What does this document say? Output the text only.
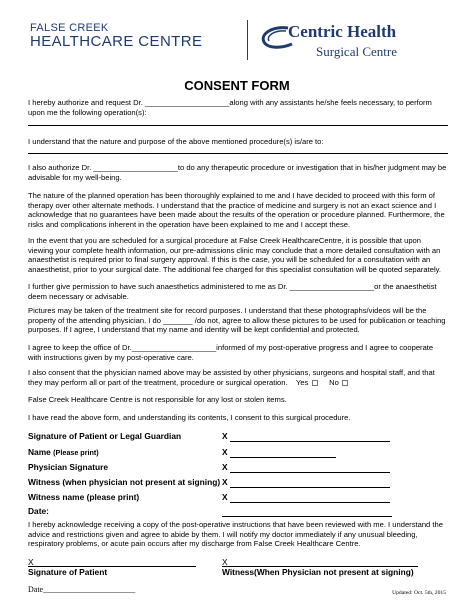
FALSE CREEK
HEALTHCARE CENTRE
Centric Health
Surgical Centre
CONSENT FORM

I hereby authorize and request Dr. ____________________along with any assistants he/she feels necessary, to perform upon me the following operation(s):

I understand that the nature and purpose of the above mentioned procedure(s) is/are to:

I also authorize Dr. ____________________to do any therapeutic procedure or investigation that in his/her judgment may be advisable for my well-being.

The nature of the planned operation has been thoroughly explained to me and I have decided to proceed with this form of therapy over other alternate methods. I understand that the practice of medicine and surgery is not an exact science and I acknowledge that no guarantees have been made about the results of the operation or procedure planned. Furthermore, the risks and complications inherent in the operation have been explained to me and I accept these.

In the event that you are scheduled for a surgical procedure at False Creek HealthcareCentre, it is possible that upon viewing your complete health information, our pre-admissions clinic may conclude that a more detailed consultation with an anaesthetist is required prior to final surgery approval. If this is the case, you will be scheduled for a consultation with an anaesthetist, prior to your surgical date. The additional fee charged for this specialist consultation will be quoted separately.

I further give permission to have such anaesthetics administered to me as Dr. ____________________or the anaesthetist deem necessary or advisable.

Pictures may be taken of the treatment site for record purposes. I understand that these photographs/videos will be the property of the attending physician. I do _______ /do not, agree to allow these pictures to be used for publication or teaching purposes. If I agree, I understand that my name and identity will be kept confidential and protected.

I agree to keep the office of Dr.____________________informed of my post-operative progress and I agree to cooperate with instructions given by my post-operative care.

I also consent that the physician named above may be assisted by other physicians, surgeons and hospital staff, and that they may perform all or part of the treatment, procedure or surgical operation. Yes	No

False Creek Healthcare Centre is not responsible for any lost or stolen items.

I have read the above form, and understanding its contents, I consent to this surgical procedure.

Signature of Patient or Legal Guardian	X
Name (Please print)	X
Physician Signature	X
Witness (when physician not present at signing) X
Witness name (please print)	X
Date:

I hereby acknowledge receiving a copy of the post-operative instructions that have been reviewed with me. I understand the advice and restrictions given and agree to abide by them. I will notify my doctor immediately if any unusual bleeding, respiratory problems, or acute pain occurs after my discharge from False Creek Healthcare Centre.

X	X
Signature of Patient	Witness(When Physician not present at signing)
Date_______________________	Updated: Oct. 5th, 2015
